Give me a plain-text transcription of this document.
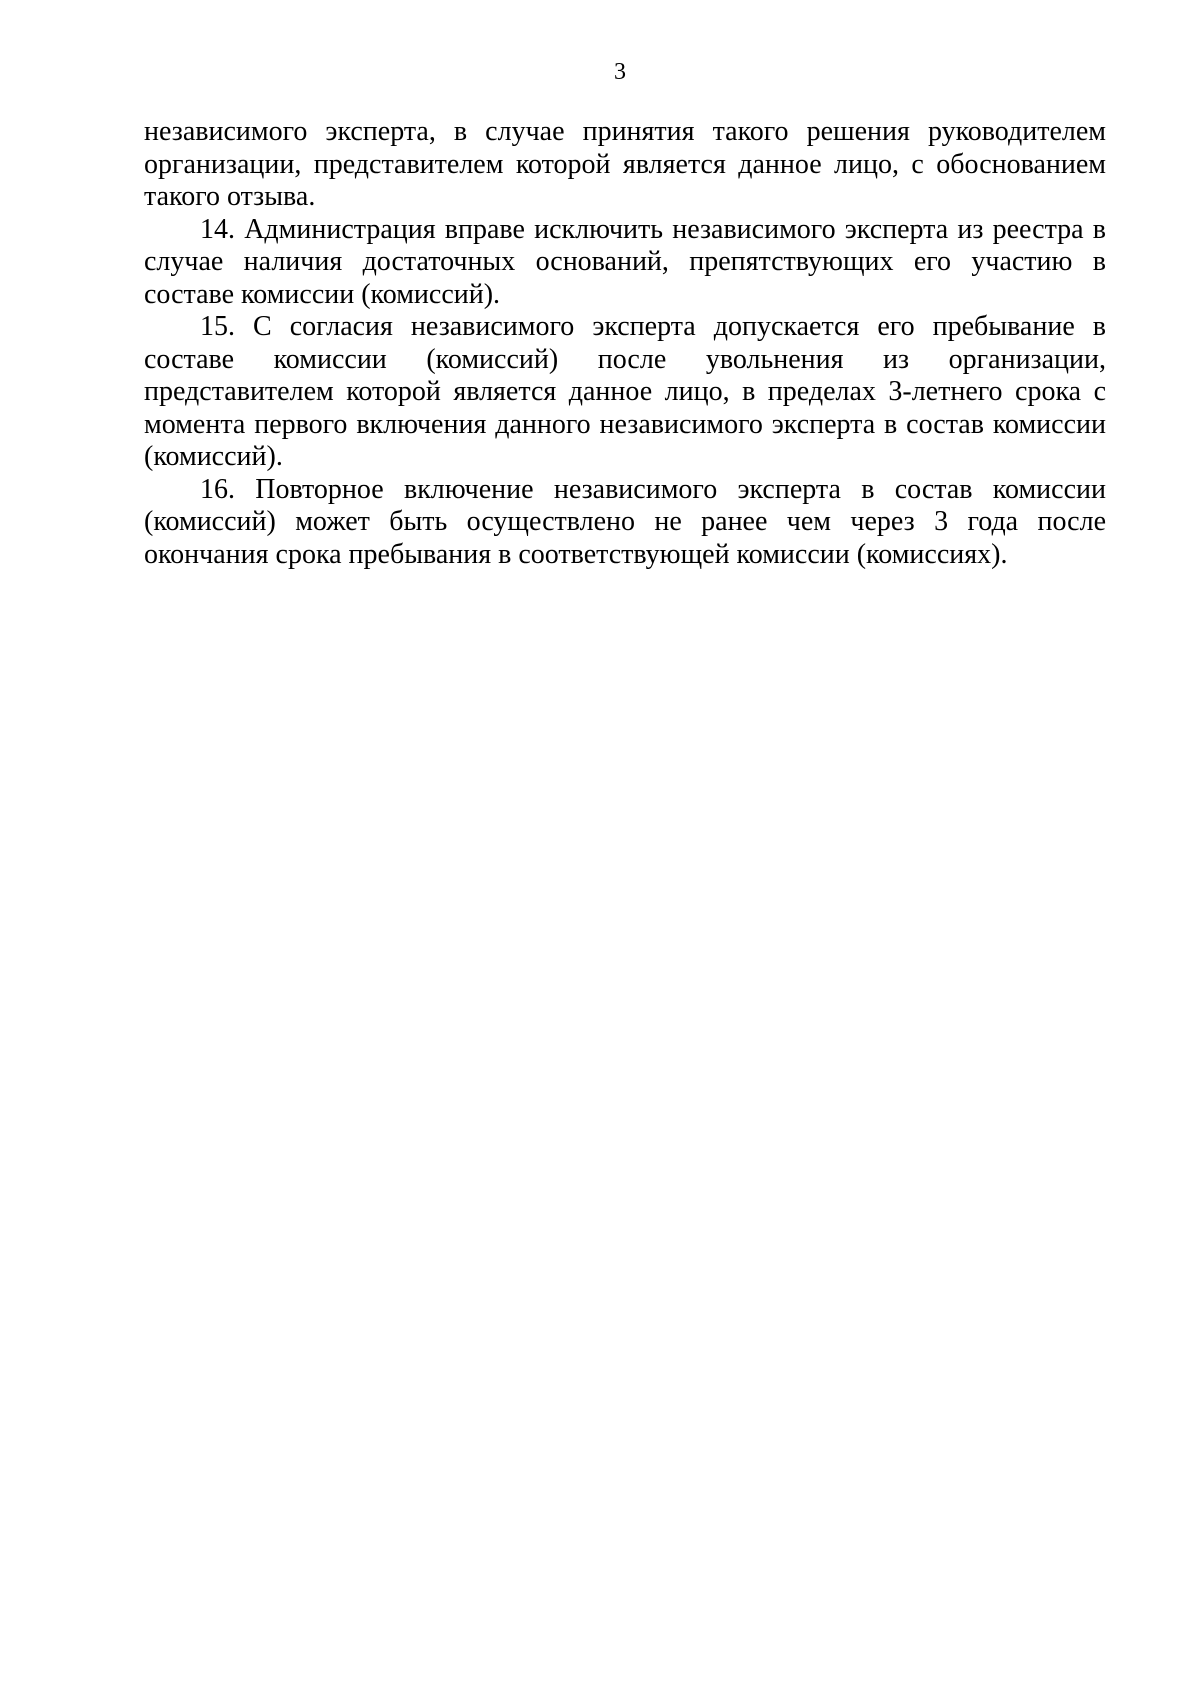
3

независимого эксперта, в случае принятия такого решения руководителем организации, представителем которой является данное лицо, с обоснованием такого отзыва.

14. Администрация вправе исключить независимого эксперта из реестра в случае наличия достаточных оснований, препятствующих его участию в составе комиссии (комиссий).

15. С согласия независимого эксперта допускается его пребывание в составе комиссии (комиссий) после увольнения из организации, представителем которой является данное лицо, в пределах 3-летнего срока с момента первого включения данного независимого эксперта в состав комиссии (комиссий).

16. Повторное включение независимого эксперта в состав комиссии (комиссий) может быть осуществлено не ранее чем через 3 года после окончания срока пребывания в соответствующей комиссии (комиссиях).
